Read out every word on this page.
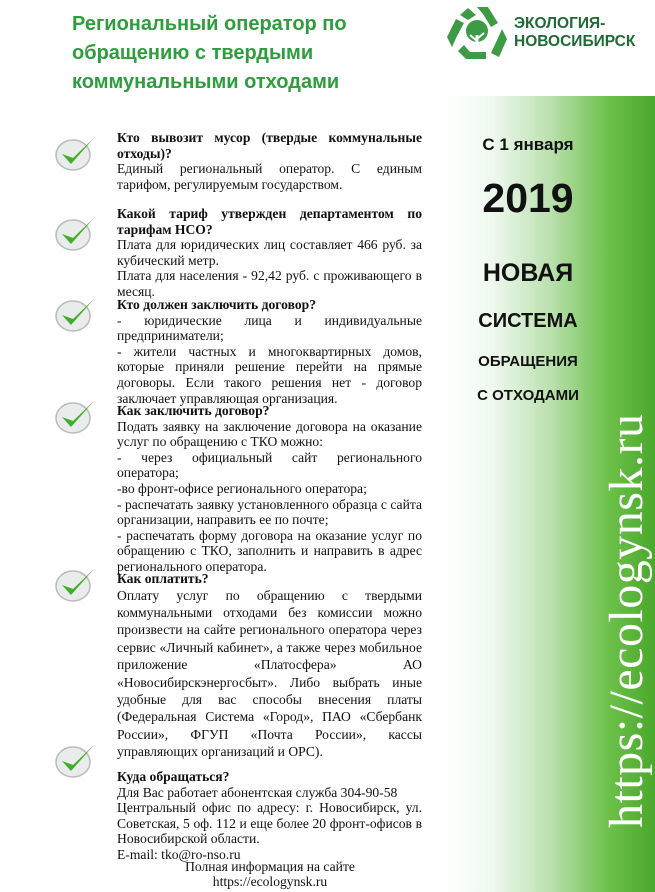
Региональный оператор по обращению с твердыми коммунальными отходами
ЭКОЛОГИЯ-
НОВОСИБИРСК
С 1 января
2019
НОВАЯ
СИСТЕМА
ОБРАЩЕНИЯ
С ОТХОДАМИ
https://ecologynsk.ru

Кто вывозит мусор (твердые коммунальные отходы)?

Единый региональный оператор. С единым тарифом, регулируемым государством.

Какой тариф утвержден департаментом по тарифам НСО?

Плата для юридических лиц составляет 466 руб. за кубический метр.

Плата для населения - 92,42 руб. с проживающего в месяц.

Кто должен заключить договор?

- юридические лица и индивидуальные предприниматели;

- жители частных и многоквартирных домов, которые приняли решение перейти на прямые договоры. Если такого решения нет - договор заключает управляющая организация.

Как заключить договор?

Подать заявку на заключение договора на оказание услуг по обращению с ТКО можно:

- через официальный сайт регионального оператора;

-во фронт-офисе регионального оператора;

- распечатать заявку установленного образца с сайта организации, направить ее по почте;

- распечатать форму договора на оказание услуг по обращению с ТКО, заполнить и направить в адрес регионального оператора.

Как оплатить?

Оплату услуг по обращению с твердыми коммунальными отходами без комиссии можно произвести на сайте регионального оператора через сервис «Личный кабинет», а также через мобильное приложение «Платосфера» АО «Новосибирскэнергосбыт». Либо выбрать иные удобные для вас способы внесения платы (Федеральная Система «Город», ПАО «Сбербанк России», ФГУП «Почта России», кассы управляющих организаций и ОРС).

Куда обращаться?

Для Вас работает абонентская служба 304-90-58

Центральный офис по адресу: г. Новосибирск, ул. Советская, 5 оф. 112 и еще более 20 фронт-офисов в Новосибирской области.

E-mail: tko@ro-nso.ru

Полная информация на сайте
https://ecologynsk.ru
